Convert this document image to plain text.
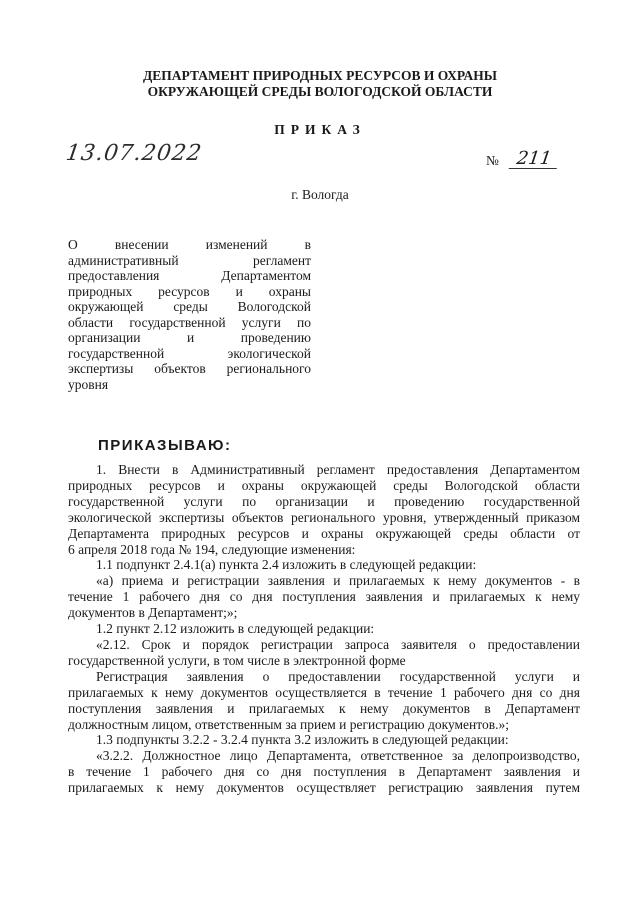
ДЕПАРТАМЕНТ ПРИРОДНЫХ РЕСУРСОВ И ОХРАНЫ
ОКРУЖАЮЩЕЙ СРЕДЫ ВОЛОГОДСКОЙ ОБЛАСТИ
ПРИКАЗ
13.07.2022	№ 211
г. Вологда
О внесении изменений в
административный регламент
предоставления Департаментом
природных ресурсов и охраны
окружающей среды Вологодской
области государственной услуги по
организации и проведению
государственной экологической
экспертизы объектов регионального
уровня
ПРИКАЗЫВАЮ:
1. Внести в Административный регламент предоставления Департаментом
природных ресурсов и охраны окружающей среды Вологодской области
государственной услуги по организации и проведению государственной
экологической экспертизы объектов регионального уровня, утвержденный приказом
Департамента природных ресурсов и охраны окружающей среды области от
6 апреля 2018 года № 194, следующие изменения:
1.1 подпункт 2.4.1(а) пункта 2.4 изложить в следующей редакции:
«а) приема и регистрации заявления и прилагаемых к нему документов - в
течение 1 рабочего дня со дня поступления заявления и прилагаемых к нему
документов в Департамент;»;
1.2 пункт 2.12 изложить в следующей редакции:
«2.12. Срок и порядок регистрации запроса заявителя о предоставлении
государственной услуги, в том числе в электронной форме
Регистрация заявления о предоставлении государственной услуги и
прилагаемых к нему документов осуществляется в течение 1 рабочего дня со дня
поступления заявления и прилагаемых к нему документов в Департамент
должностным лицом, ответственным за прием и регистрацию документов.»;
1.3 подпункты 3.2.2 - 3.2.4 пункта 3.2 изложить в следующей редакции:
«3.2.2. Должностное лицо Департамента, ответственное за делопроизводство,
в течение 1 рабочего дня со дня поступления в Департамент заявления и
прилагаемых к нему документов осуществляет регистрацию заявления путем
